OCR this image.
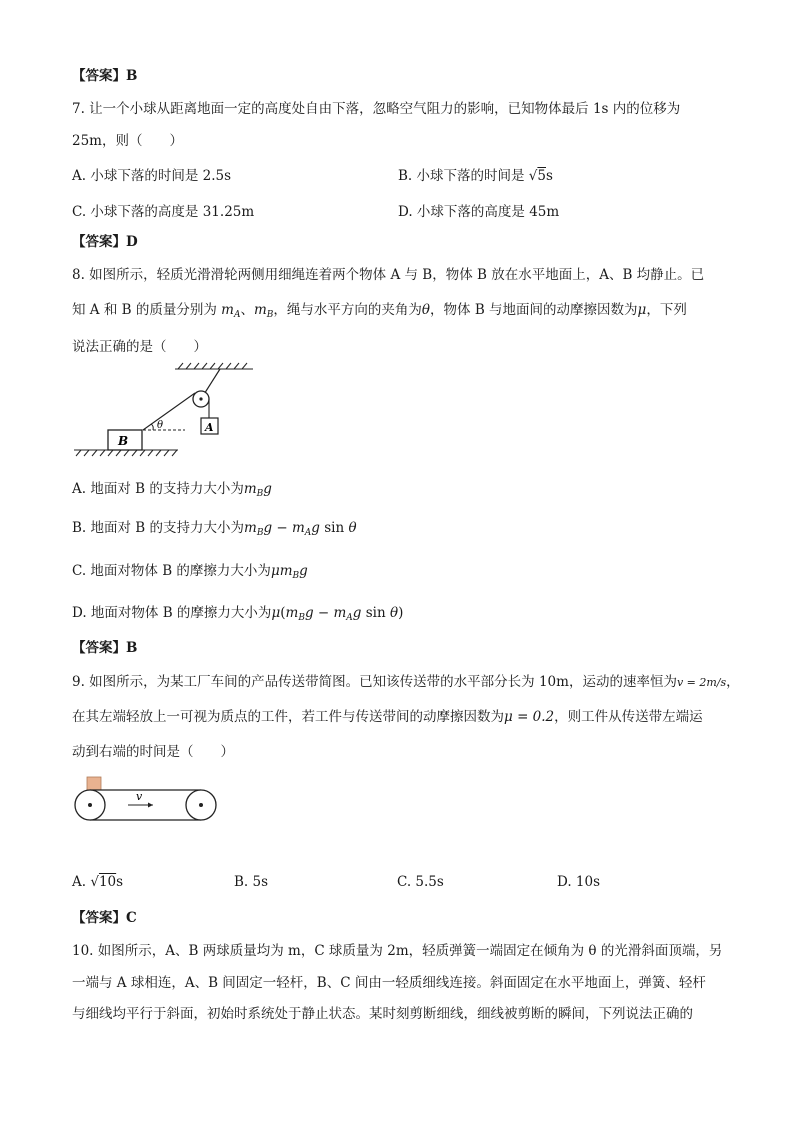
【答案】B
7. 让一个小球从距离地面一定的高度处自由下落，忽略空气阻力的影响，已知物体最后 1s 内的位移为
25m，则（　　）
A. 小球下落的时间是 2.5s	B. 小球下落的时间是 √5s
C. 小球下落的高度是 31.25m	D. 小球下落的高度是 45m
【答案】D
8. 如图所示，轻质光滑滑轮两侧用细绳连着两个物体 A 与 B，物体 B 放在水平地面上，A、B 均静止。已
知 A 和 B 的质量分别为 $m_A$、$m_B$，绳与水平方向的夹角为θ，物体 B 与地面间的动摩擦因数为μ，下列
说法正确的是（　　）
A
θ
B
A. 地面对 B 的支持力大小为$m_Bg$
B. 地面对 B 的支持力大小为$m_Bg - m_Ag$ sin θ
C. 地面对物体 B 的摩擦力大小为$\mu m_Bg$
D. 地面对物体 B 的摩擦力大小为$\mu(m_Bg - m_Ag$ sin θ)
【答案】B
9. 如图所示，为某工厂车间的产品传送带简图。已知该传送带的水平部分长为 10m，运动的速率恒为v = 2m/s，
在其左端轻放上一可视为质点的工件，若工件与传送带间的动摩擦因数为μ = 0.2，则工件从传送带左端运
动到右端的时间是（　　）
v
A. √10s	B. 5s	C. 5.5s	D. 10s
【答案】C
10. 如图所示，A、B 两球质量均为 m，C 球质量为 2m，轻质弹簧一端固定在倾角为 θ 的光滑斜面顶端，另
一端与 A 球相连，A、B 间固定一轻杆，B、C 间由一轻质细线连接。斜面固定在水平地面上，弹簧、轻杆
与细线均平行于斜面，初始时系统处于静止状态。某时刻剪断细线，细线被剪断的瞬间，下列说法正确的
